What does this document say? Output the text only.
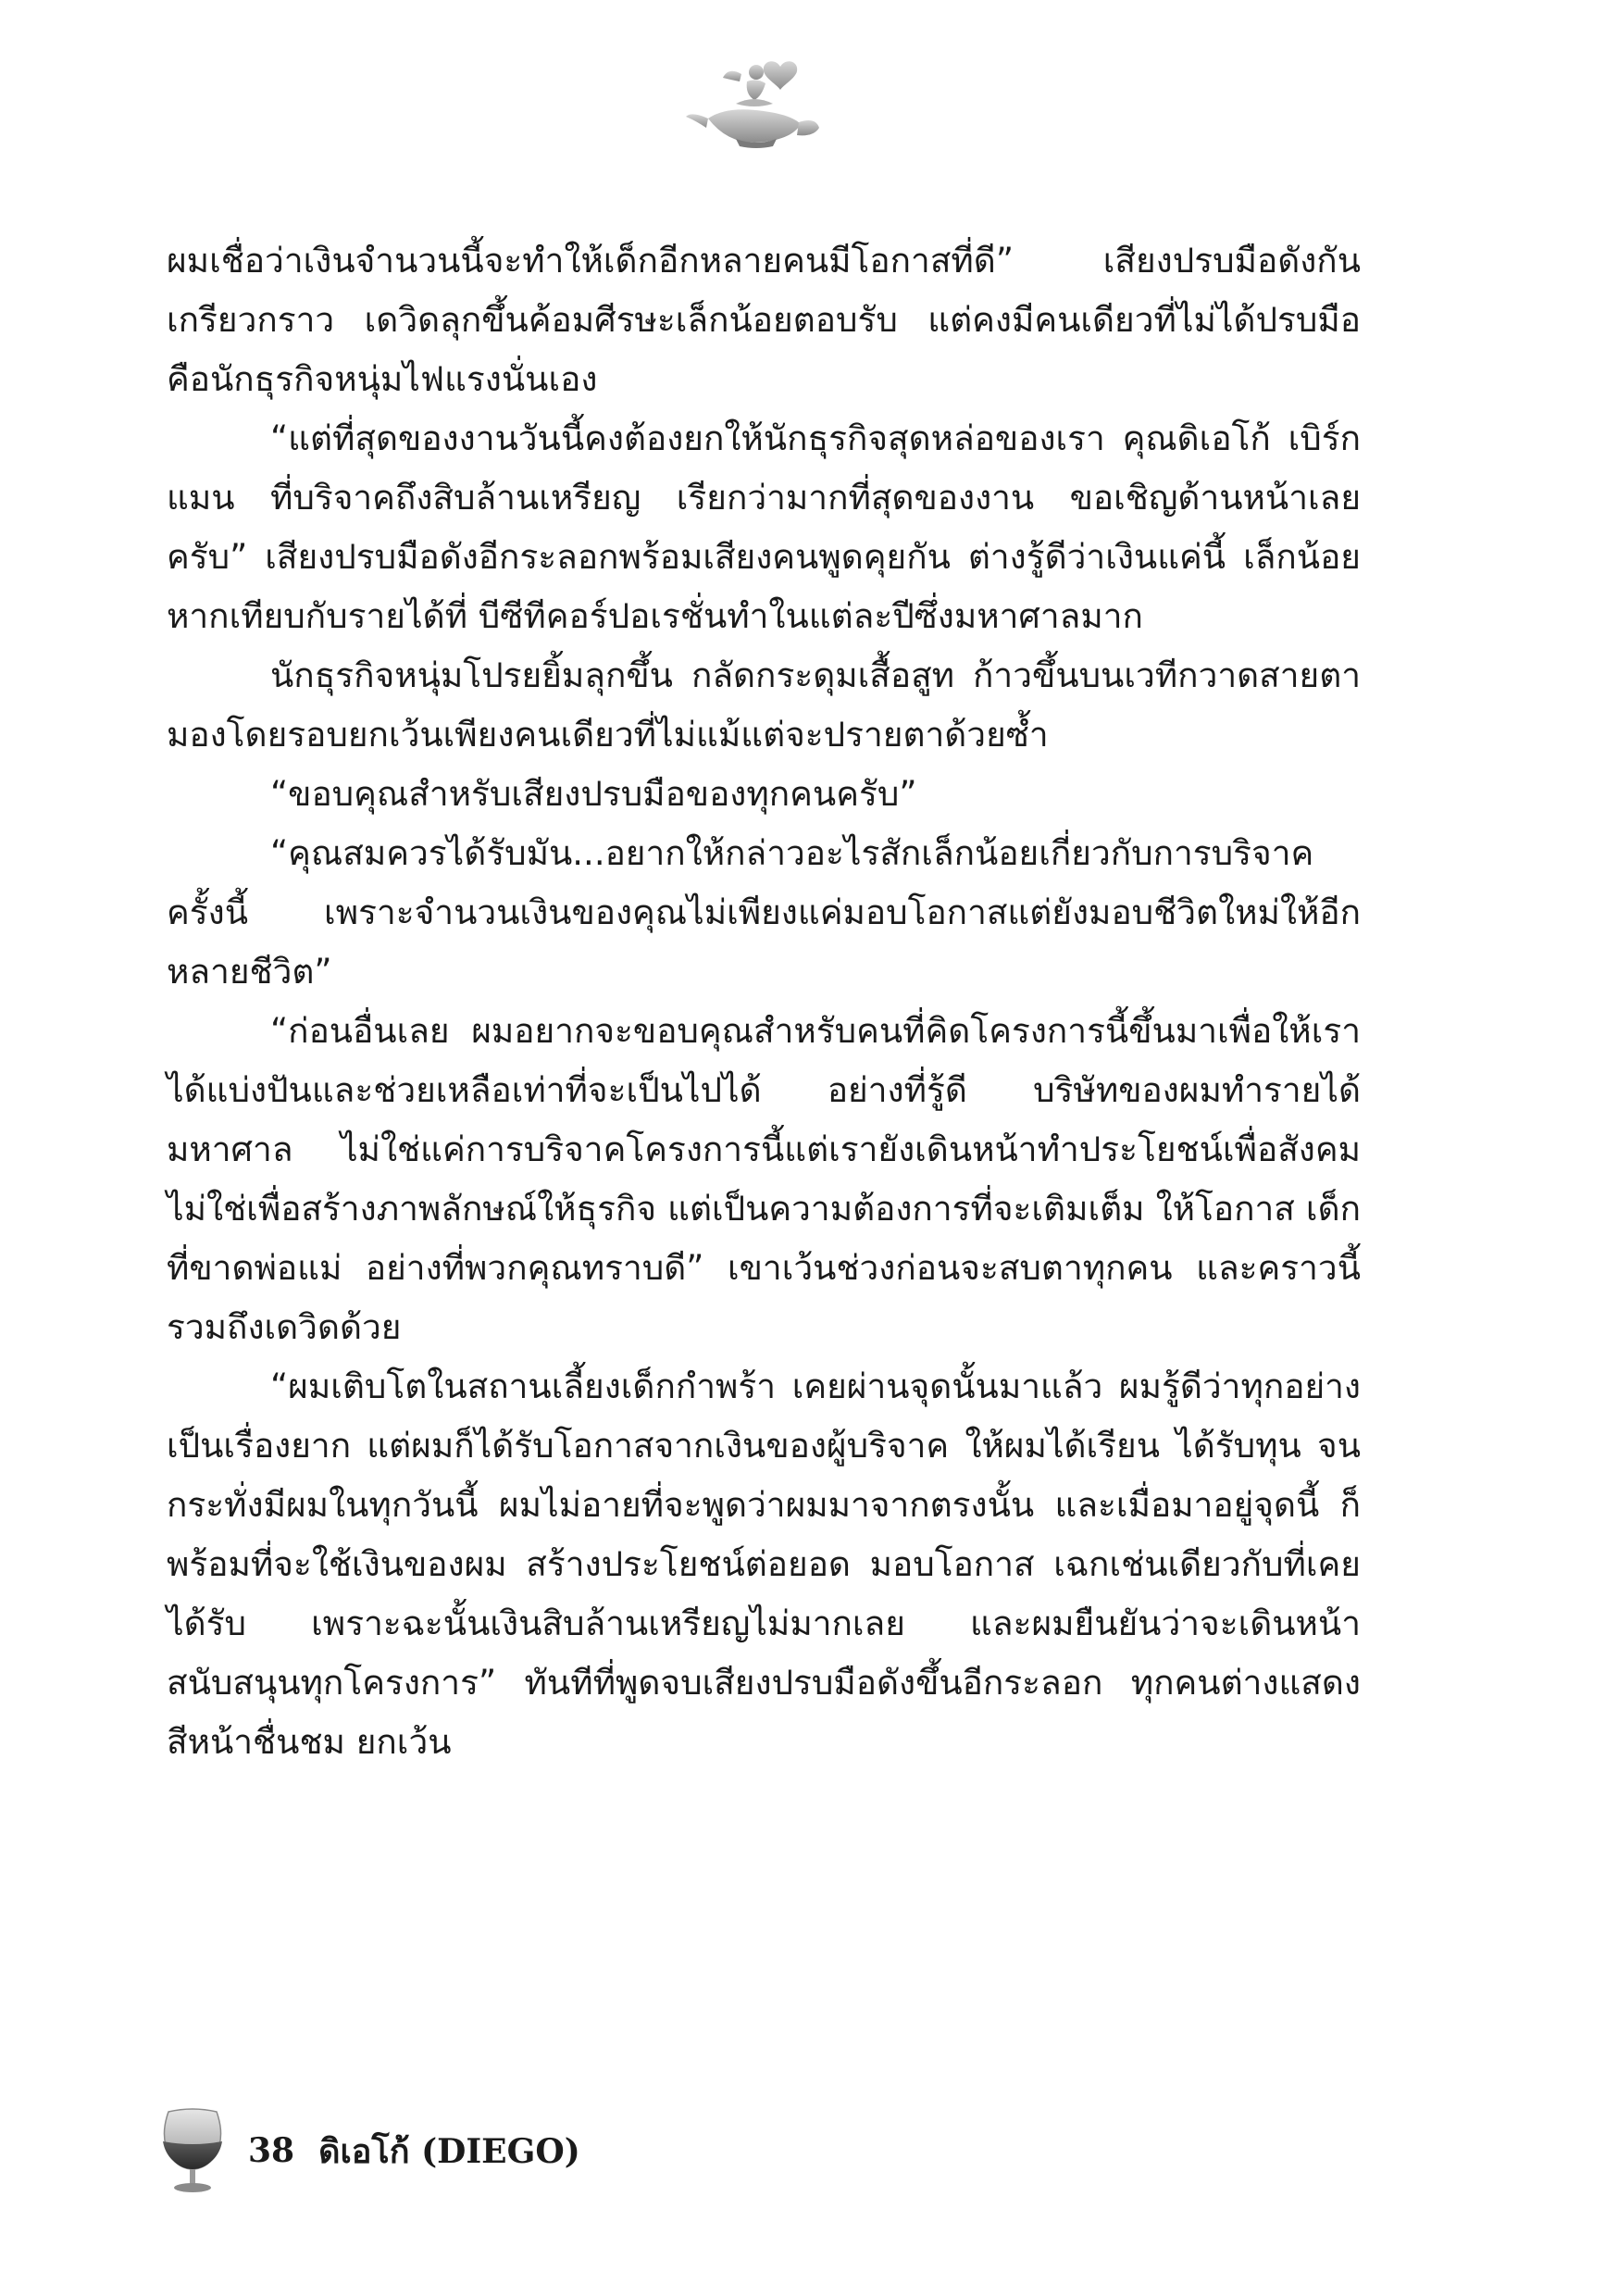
ผมเชื่อว่าเงินจำนวนนี้จะทำให้เด็กอีกหลายคนมีโอกาสที่ดี” เสียงปรบมือดังกันเกรียวกราว เดวิดลุกขึ้นค้อมศีรษะเล็กน้อยตอบรับ แต่คงมีคนเดียวที่ไม่ได้ปรบมือคือนักธุรกิจหนุ่มไฟแรงนั่นเอง

“แต่ที่สุดของงานวันนี้คงต้องยกให้นักธุรกิจสุดหล่อของเรา คุณดิเอโก้ เบิร์กแมน ที่บริจาคถึงสิบล้านเหรียญ เรียกว่ามากที่สุดของงาน ขอเชิญด้านหน้าเลยครับ” เสียงปรบมือดังอีกระลอกพร้อมเสียงคนพูดคุยกัน ต่างรู้ดีว่าเงินแค่นี้ เล็กน้อยหากเทียบกับรายได้ที่ บีซีทีคอร์ปอเรชั่นทำในแต่ละปีซึ่งมหาศาลมาก

นักธุรกิจหนุ่มโปรยยิ้มลุกขึ้น กลัดกระดุมเสื้อสูท ก้าวขึ้นบนเวทีกวาดสายตามองโดยรอบยกเว้นเพียงคนเดียวที่ไม่แม้แต่จะปรายตาด้วยซ้ำ

“ขอบคุณสำหรับเสียงปรบมือของทุกคนครับ”

“คุณสมควรได้รับมัน...อยากให้กล่าวอะไรสักเล็กน้อยเกี่ยวกับการบริจาคครั้งนี้ เพราะจำนวนเงินของคุณไม่เพียงแค่มอบโอกาสแต่ยังมอบชีวิตใหม่ให้อีกหลายชีวิต”

“ก่อนอื่นเลย ผมอยากจะขอบคุณสำหรับคนที่คิดโครงการนี้ขึ้นมาเพื่อให้เราได้แบ่งปันและช่วยเหลือเท่าที่จะเป็นไปได้ อย่างที่รู้ดี บริษัทของผมทำรายได้มหาศาล ไม่ใช่แค่การบริจาคโครงการนี้แต่เรายังเดินหน้าทำประโยชน์เพื่อสังคม ไม่ใช่เพื่อสร้างภาพลักษณ์ให้ธุรกิจ แต่เป็นความต้องการที่จะเติมเต็ม ให้โอกาส เด็กที่ขาดพ่อแม่ อย่างที่พวกคุณทราบดี” เขาเว้นช่วงก่อนจะสบตาทุกคน และคราวนี้รวมถึงเดวิดด้วย

“ผมเติบโตในสถานเลี้ยงเด็กกำพร้า เคยผ่านจุดนั้นมาแล้ว ผมรู้ดีว่าทุกอย่างเป็นเรื่องยาก แต่ผมก็ได้รับโอกาสจากเงินของผู้บริจาค ให้ผมได้เรียน ได้รับทุน จนกระทั่งมีผมในทุกวันนี้ ผมไม่อายที่จะพูดว่าผมมาจากตรงนั้น และเมื่อมาอยู่จุดนี้ ก็พร้อมที่จะใช้เงินของผม สร้างประโยชน์ต่อยอด มอบโอกาส เฉกเช่นเดียวกับที่เคยได้รับ เพราะฉะนั้นเงินสิบล้านเหรียญไม่มากเลย และผมยืนยันว่าจะเดินหน้าสนับสนุนทุกโครงการ” ทันทีที่พูดจบเสียงปรบมือดังขึ้นอีกระลอก ทุกคนต่างแสดงสีหน้าชื่นชม ยกเว้น

38 ดิเอโก้ (DIEGO)
